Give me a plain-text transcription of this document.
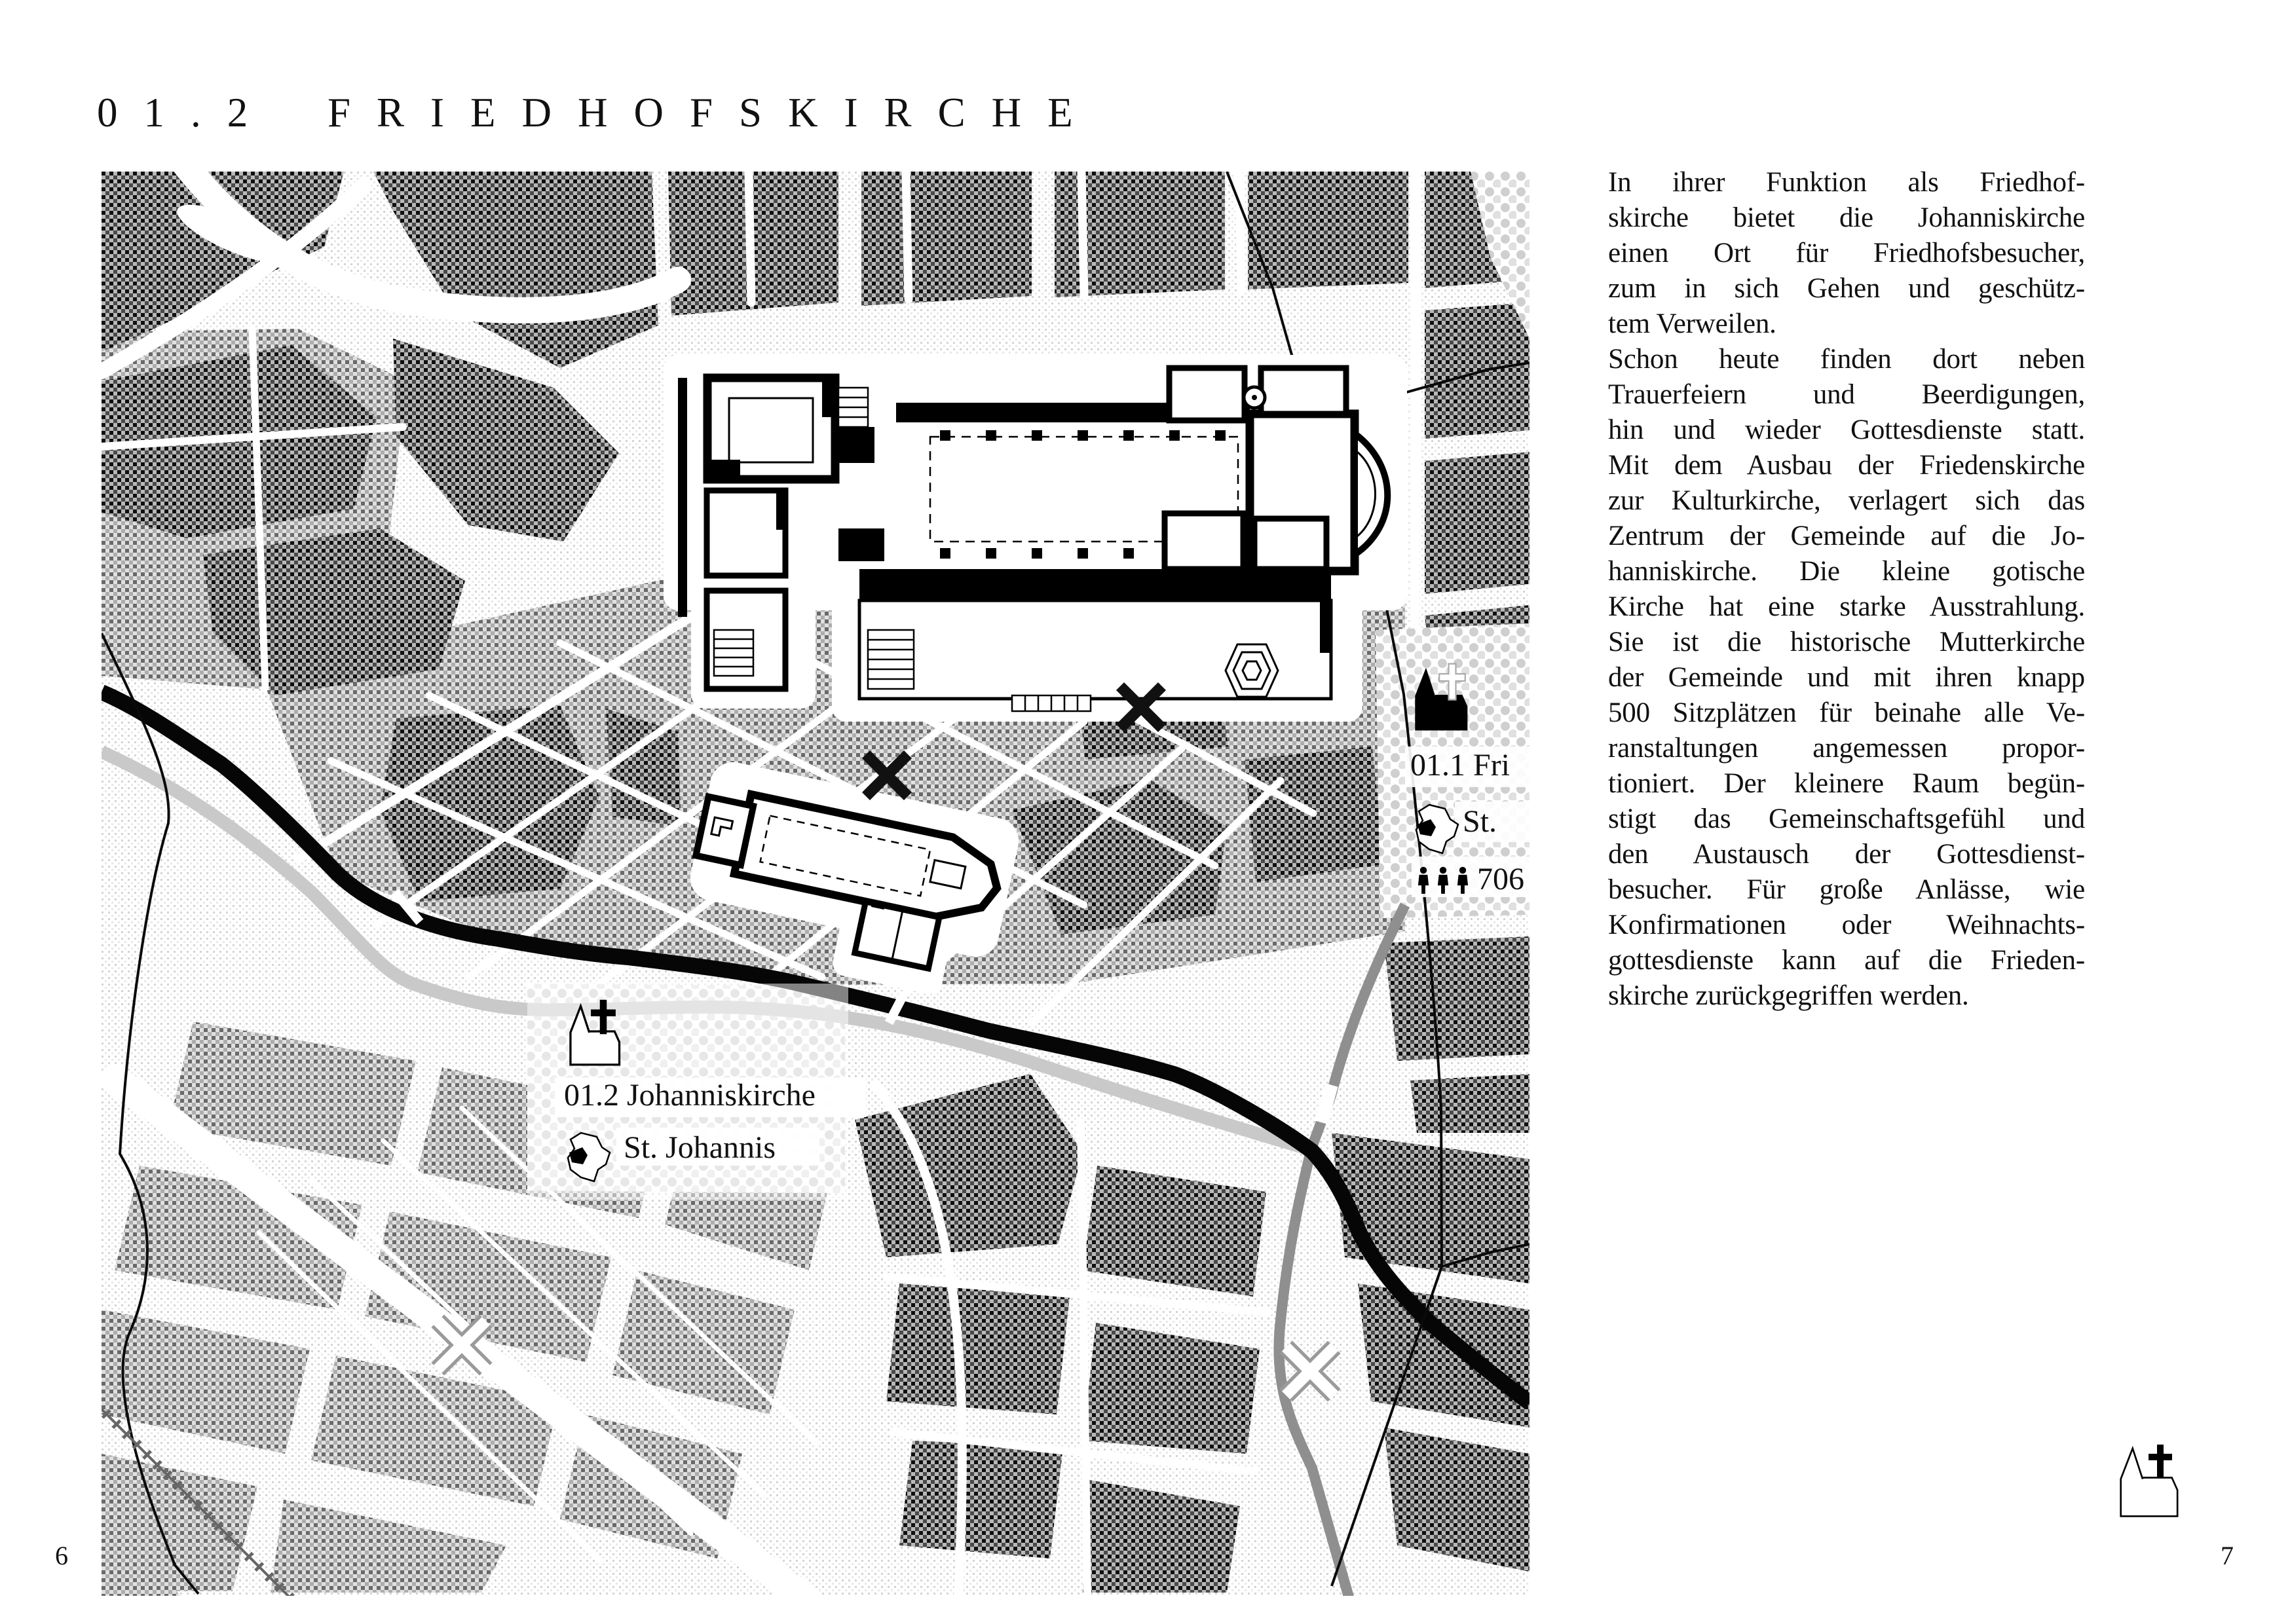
01.2 FRIEDHOFSKIRCHE
01.1 Fri
St.
706
01.2 Johanniskirche
St. Johannis
In ihrer Funktion als Friedhof-
skirche bietet die Johanniskirche
einen Ort für Friedhofsbesucher,
zum in sich Gehen und geschütz-
tem Verweilen.
Schon heute finden dort neben
Trauerfeiern und Beerdigungen,
hin und wieder Gottesdienste statt.
Mit dem Ausbau der Friedenskirche
zur Kulturkirche, verlagert sich das
Zentrum der Gemeinde auf die Jo-
hanniskirche. Die kleine gotische
Kirche hat eine starke Ausstrahlung.
Sie ist die historische Mutterkirche
der Gemeinde und mit ihren knapp
500 Sitzplätzen für beinahe alle Ve-
ranstaltungen angemessen propor-
tioniert. Der kleinere Raum begün-
stigt das Gemeinschaftsgefühl und
den Austausch der Gottesdienst-
besucher. Für große Anlässe, wie
Konfirmationen oder Weihnachts-
gottesdienste kann auf die Frieden-
skirche zurückgegriffen werden.
6	7
